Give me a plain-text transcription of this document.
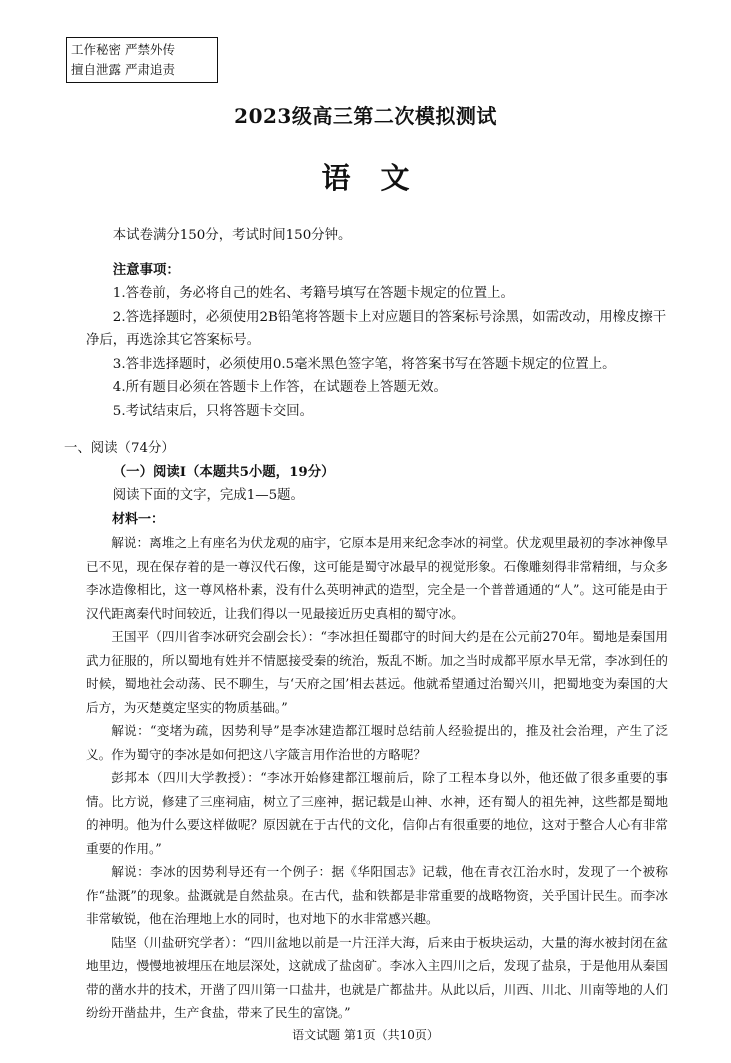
工作秘密 严禁外传
擅自泄露 严肃追责
2023级高三第二次模拟测试
语文

本试卷满分150分，考试时间150分钟。

注意事项：

1.答卷前，务必将自己的姓名、考籍号填写在答题卡规定的位置上。

2.答选择题时，必须使用2B铅笔将答题卡上对应题目的答案标号涂黑，如需改动，用橡皮擦干净后，再选涂其它答案标号。

3.答非选择题时，必须使用0.5毫米黑色签字笔，将答案书写在答题卡规定的位置上。

4.所有题目必须在答题卡上作答，在试题卷上答题无效。

5.考试结束后，只将答题卡交回。

一、阅读（74分）

（一）阅读Ⅰ（本题共5小题，19分）

阅读下面的文字，完成1—5题。

材料一：

解说：离堆之上有座名为伏龙观的庙宇，它原本是用来纪念李冰的祠堂。伏龙观里最初的李冰神像早已不见，现在保存着的是一尊汉代石像，这可能是蜀守冰最早的视觉形象。石像雕刻得非常精细，与众多李冰造像相比，这一尊风格朴素，没有什么英明神武的造型，完全是一个普普通通的“人”。这可能是由于汉代距离秦代时间较近，让我们得以一见最接近历史真相的蜀守冰。

王国平（四川省李冰研究会副会长）：“李冰担任蜀郡守的时间大约是在公元前270年。蜀地是秦国用武力征服的，所以蜀地有姓并不情愿接受秦的统治，叛乱不断。加之当时成都平原水旱无常，李冰到任的时候，蜀地社会动荡、民不聊生，与‘天府之国’相去甚远。他就希望通过治蜀兴川，把蜀地变为秦国的大后方，为灭楚奠定坚实的物质基础。”

解说：“变堵为疏，因势利导”是李冰建造都江堰时总结前人经验提出的，推及社会治理，产生了泛义。作为蜀守的李冰是如何把这八字箴言用作治世的方略呢？

彭邦本（四川大学教授）：“李冰开始修建都江堰前后，除了工程本身以外，他还做了很多重要的事情。比方说，修建了三座祠庙，树立了三座神，据记载是山神、水神，还有蜀人的祖先神，这些都是蜀地的神明。他为什么要这样做呢？原因就在于古代的文化，信仰占有很重要的地位，这对于整合人心有非常重要的作用。”

解说：李冰的因势利导还有一个例子：据《华阳国志》记载，他在青衣江治水时，发现了一个被称作“盐溉”的现象。盐溉就是自然盐泉。在古代，盐和铁都是非常重要的战略物资，关乎国计民生。而李冰非常敏锐，他在治理地上水的同时，也对地下的水非常感兴趣。

陆坚（川盐研究学者）：“四川盆地以前是一片汪洋大海，后来由于板块运动，大量的海水被封闭在盆地里边，慢慢地被埋压在地层深处，这就成了盐卤矿。李冰入主四川之后，发现了盐泉，于是他用从秦国带的凿水井的技术，开凿了四川第一口盐井，也就是广都盐井。从此以后，川西、川北、川南等地的人们纷纷开凿盐井，生产食盐，带来了民生的富饶。”

语文试题 第1页（共10页）
